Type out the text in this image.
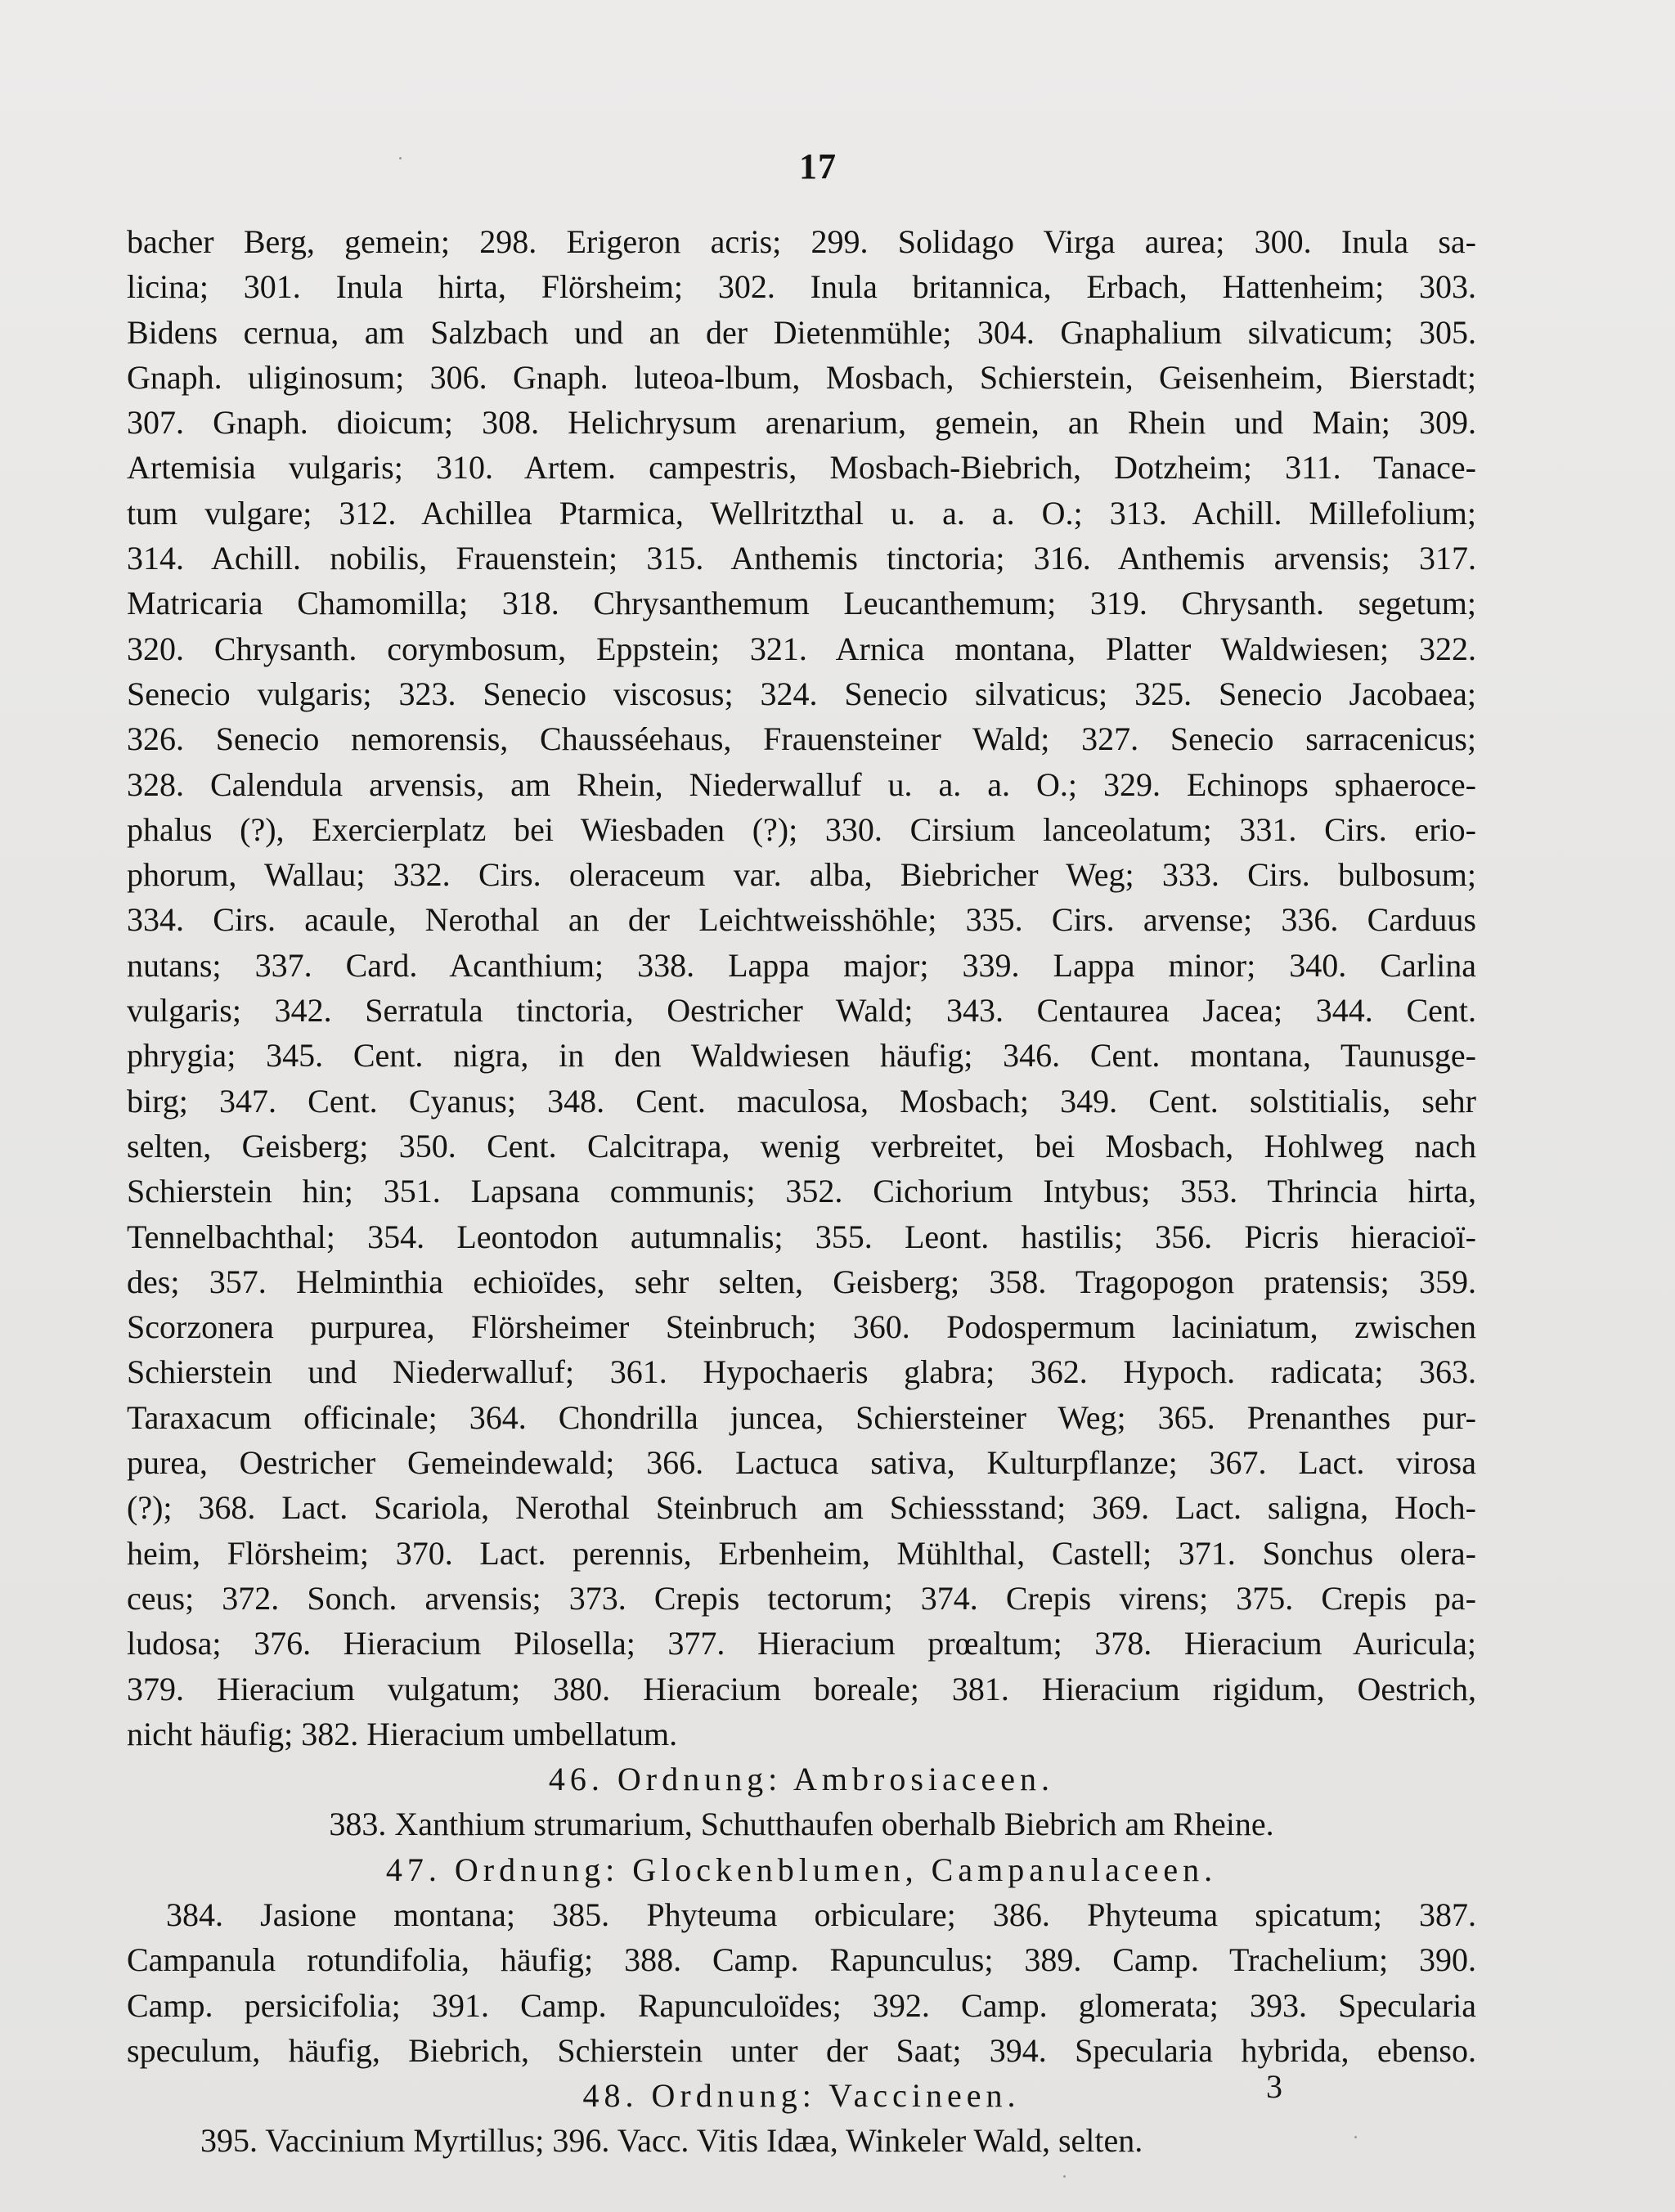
17
bacher Berg, gemein; 298. Erigeron acris; 299. Solidago Virga aurea; 300. Inula sa-
licina; 301. Inula hirta, Flörsheim; 302. Inula britannica, Erbach, Hattenheim; 303.
Bidens cernua, am Salzbach und an der Dietenmühle; 304. Gnaphalium silvaticum; 305.
Gnaph. uliginosum; 306. Gnaph. luteoa-lbum, Mosbach, Schierstein, Geisenheim, Bierstadt;
307. Gnaph. dioicum; 308. Helichrysum arenarium, gemein, an Rhein und Main; 309.
Artemisia vulgaris; 310. Artem. campestris, Mosbach-Biebrich, Dotzheim; 311. Tanace-
tum vulgare; 312. Achillea Ptarmica, Wellritzthal u. a. a. O.; 313. Achill. Millefolium;
314. Achill. nobilis, Frauenstein; 315. Anthemis tinctoria; 316. Anthemis arvensis; 317.
Matricaria Chamomilla; 318. Chrysanthemum Leucanthemum; 319. Chrysanth. segetum;
320. Chrysanth. corymbosum, Eppstein; 321. Arnica montana, Platter Waldwiesen; 322.
Senecio vulgaris; 323. Senecio viscosus; 324. Senecio silvaticus; 325. Senecio Jacobaea;
326. Senecio nemorensis, Chausséehaus, Frauensteiner Wald; 327. Senecio sarracenicus;
328. Calendula arvensis, am Rhein, Niederwalluf u. a. a. O.; 329. Echinops sphaeroce-
phalus (?), Exercierplatz bei Wiesbaden (?); 330. Cirsium lanceolatum; 331. Cirs. erio-
phorum, Wallau; 332. Cirs. oleraceum var. alba, Biebricher Weg; 333. Cirs. bulbosum;
334. Cirs. acaule, Nerothal an der Leichtweisshöhle; 335. Cirs. arvense; 336. Carduus
nutans; 337. Card. Acanthium; 338. Lappa major; 339. Lappa minor; 340. Carlina
vulgaris; 342. Serratula tinctoria, Oestricher Wald; 343. Centaurea Jacea; 344. Cent.
phrygia; 345. Cent. nigra, in den Waldwiesen häufig; 346. Cent. montana, Taunusge-
birg; 347. Cent. Cyanus; 348. Cent. maculosa, Mosbach; 349. Cent. solstitialis, sehr
selten, Geisberg; 350. Cent. Calcitrapa, wenig verbreitet, bei Mosbach, Hohlweg nach
Schierstein hin; 351. Lapsana communis; 352. Cichorium Intybus; 353. Thrincia hirta,
Tennelbachthal; 354. Leontodon autumnalis; 355. Leont. hastilis; 356. Picris hieracioï-
des; 357. Helminthia echioïdes, sehr selten, Geisberg; 358. Tragopogon pratensis; 359.
Scorzonera purpurea, Flörsheimer Steinbruch; 360. Podospermum laciniatum, zwischen
Schierstein und Niederwalluf; 361. Hypochaeris glabra; 362. Hypoch. radicata; 363.
Taraxacum officinale; 364. Chondrilla juncea, Schiersteiner Weg; 365. Prenanthes pur-
purea, Oestricher Gemeindewald; 366. Lactuca sativa, Kulturpflanze; 367. Lact. virosa
(?); 368. Lact. Scariola, Nerothal Steinbruch am Schiessstand; 369. Lact. saligna, Hoch-
heim, Flörsheim; 370. Lact. perennis, Erbenheim, Mühlthal, Castell; 371. Sonchus olera-
ceus; 372. Sonch. arvensis; 373. Crepis tectorum; 374. Crepis virens; 375. Crepis pa-
ludosa; 376. Hieracium Pilosella; 377. Hieracium prœaltum; 378. Hieracium Auricula;
379. Hieracium vulgatum; 380. Hieracium boreale; 381. Hieracium rigidum, Oestrich,
nicht häufig; 382. Hieracium umbellatum.
46. Ordnung: Ambrosiaceen.
383. Xanthium strumarium, Schutthaufen oberhalb Biebrich am Rheine.
47. Ordnung: Glockenblumen, Campanulaceen.
384. Jasione montana; 385. Phyteuma orbiculare; 386. Phyteuma spicatum; 387.
Campanula rotundifolia, häufig; 388. Camp. Rapunculus; 389. Camp. Trachelium; 390.
Camp. persicifolia; 391. Camp. Rapunculoïdes; 392. Camp. glomerata; 393. Specularia
speculum, häufig, Biebrich, Schierstein unter der Saat; 394. Specularia hybrida, ebenso.
48. Ordnung: Vaccineen.
395. Vaccinium Myrtillus; 396. Vacc. Vitis Idæa, Winkeler Wald, selten.
3
